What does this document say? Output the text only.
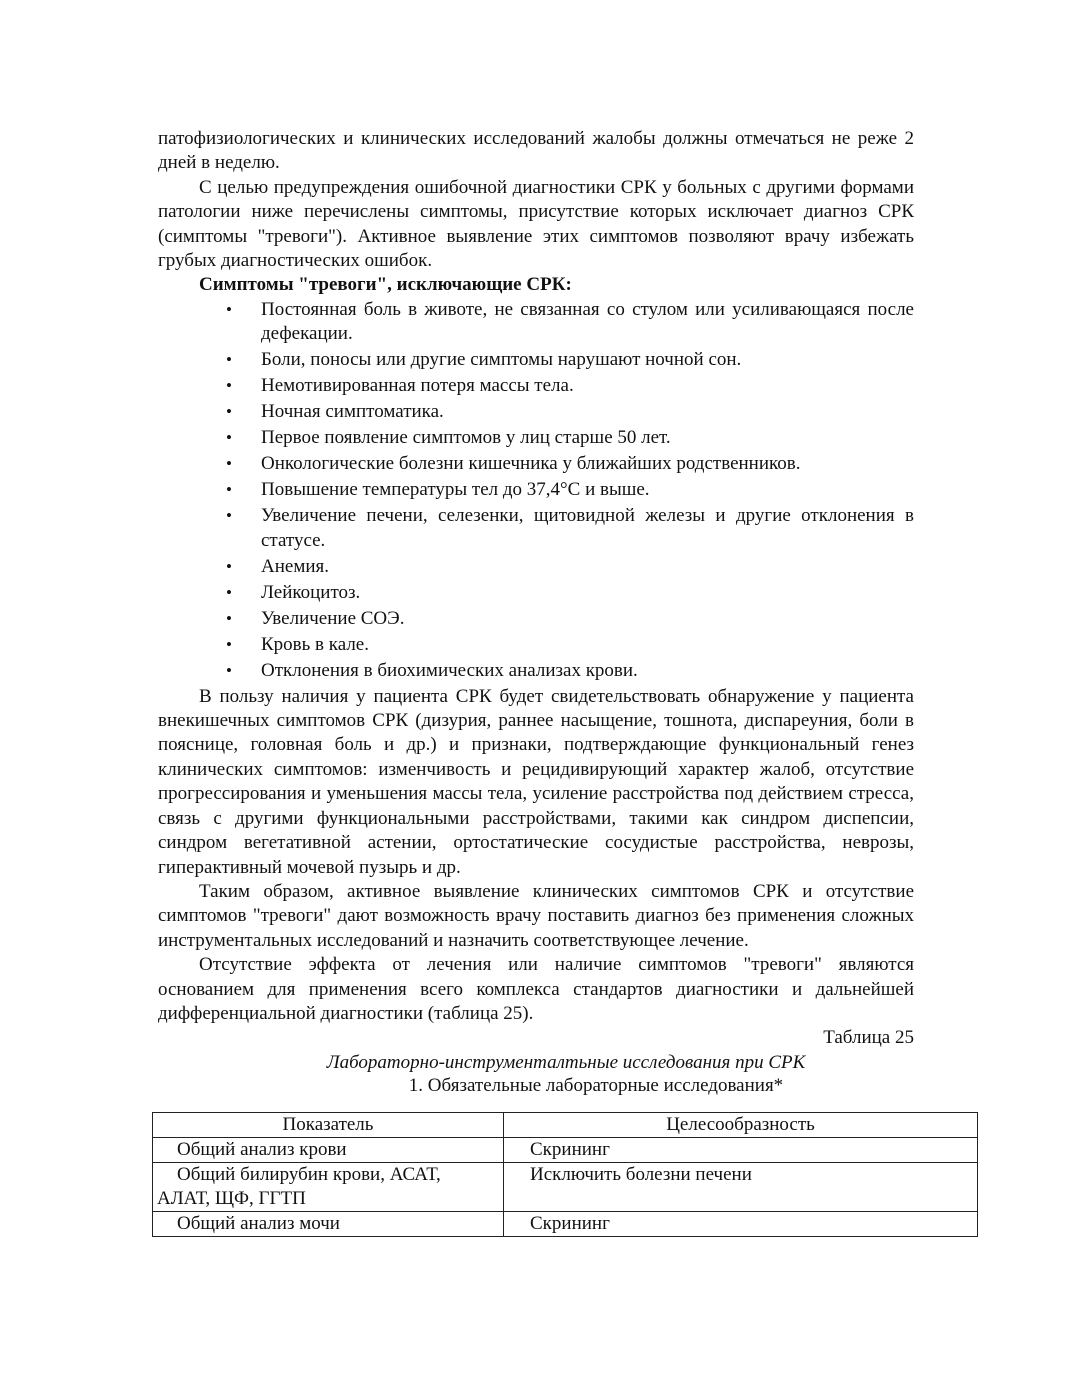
патофизиологических и клинических исследований жалобы должны отмечаться не реже 2 дней в неделю.

С целью предупреждения ошибочной диагностики СРК у больных с другими формами патологии ниже перечислены симптомы, присутствие которых исключает диагноз СРК (симптомы "тревоги"). Активное выявление этих симптомов позволяют врачу избежать грубых диагностических ошибок.

Симптомы "тревоги", исключающие СРК:

• Постоянная боль в животе, не связанная со стулом или усиливающаяся после дефекации.
• Боли, поносы или другие симптомы нарушают ночной сон.
• Немотивированная потеря массы тела.
• Ночная симптоматика.
• Первое появление симптомов у лиц старше 50 лет.
• Онкологические болезни кишечника у ближайших родственников.
• Повышение температуры тел до 37,4°С и выше.
• Увеличение печени, селезенки, щитовидной железы и другие отклонения в статусе.
• Анемия.
• Лейкоцитоз.
• Увеличение СОЭ.
• Кровь в кале.
• Отклонения в биохимических анализах крови.

В пользу наличия у пациента СРК будет свидетельствовать обнаружение у пациента внекишечных симптомов СРК (дизурия, раннее насыщение, тошнота, диспареуния, боли в пояснице, головная боль и др.) и признаки, подтверждающие функциональный генез клинических симптомов: изменчивость и рецидивирующий характер жалоб, отсутствие прогрессирования и уменьшения массы тела, усиление расстройства под действием стресса, связь с другими функциональными расстройствами, такими как синдром диспепсии, синдром вегетативной астении, ортостатические сосудистые расстройства, неврозы, гиперактивный мочевой пузырь и др.

Таким образом, активное выявление клинических симптомов СРК и отсутствие симптомов "тревоги" дают возможность врачу поставить диагноз без применения сложных инструментальных исследований и назначить соответствующее лечение.

Отсутствие эффекта от лечения или наличие симптомов "тревоги" являются основанием для применения всего комплекса стандартов диагностики и дальнейшей дифференциальной диагностики (таблица 25).

Таблица 25

Лабораторно-инструменталтьные исследования при СРК

1. Обязательные лабораторные исследования*

Показатель	Целесообразность
Общий анализ крови	Скрининг

Общий билирубин крови, АСАТ,
АЛАТ, ЩФ, ГГТП	Исключить болезни печени
Общий анализ мочи	Скрининг
